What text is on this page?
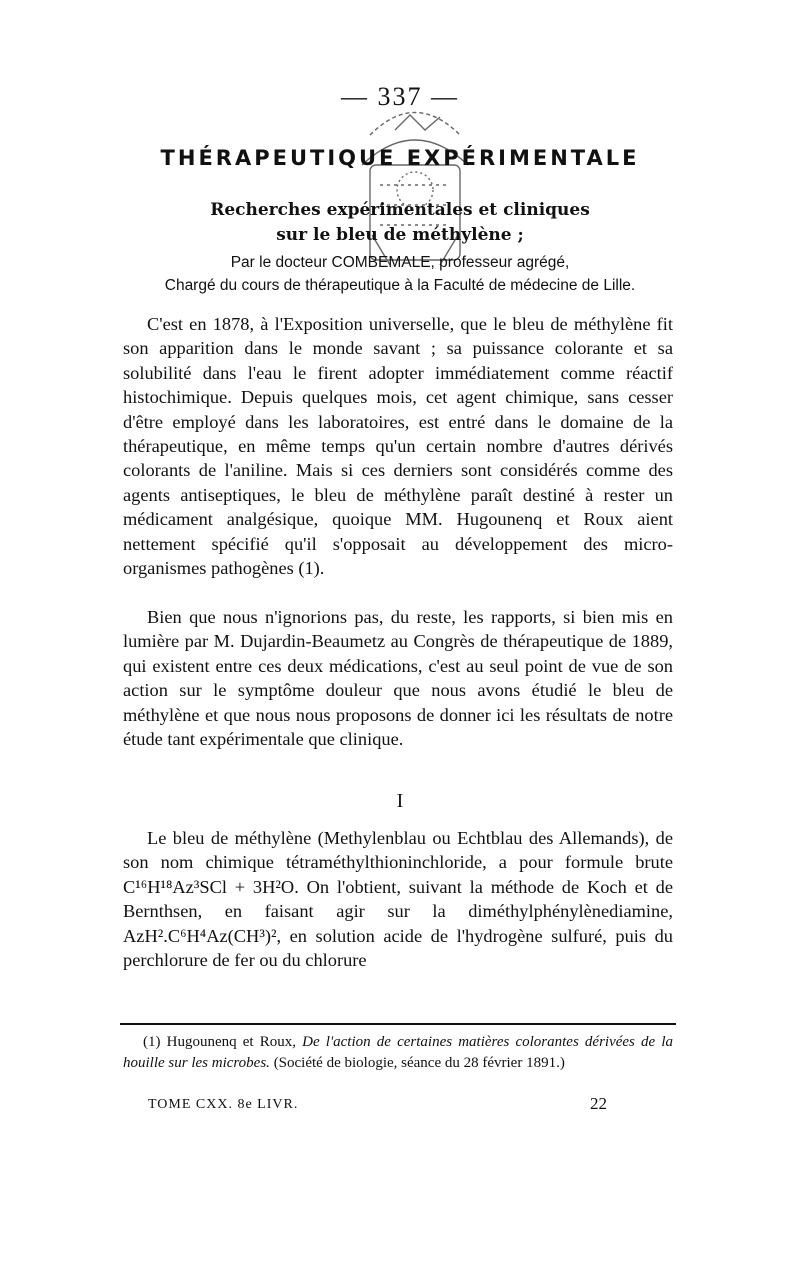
— 337 —
THÉRAPEUTIQUE EXPÉRIMENTALE
Recherches expérimentales et cliniques
sur le bleu de méthylène ;
Par le docteur COMBEMALE, professeur agrégé,
Chargé du cours de thérapeutique à la Faculté de médecine de Lille.

C'est en 1878, à l'Exposition universelle, que le bleu de méthylène fit son apparition dans le monde savant ; sa puissance colorante et sa solubilité dans l'eau le firent adopter immédiatement comme réactif histochimique. Depuis quelques mois, cet agent chimique, sans cesser d'être employé dans les laboratoires, est entré dans le domaine de la thérapeutique, en même temps qu'un certain nombre d'autres dérivés colorants de l'aniline. Mais si ces derniers sont considérés comme des agents antiseptiques, le bleu de méthylène paraît destiné à rester un médicament analgésique, quoique MM. Hugounenq et Roux aient nettement spécifié qu'il s'opposait au développement des micro-organismes pathogènes (1).

Bien que nous n'ignorions pas, du reste, les rapports, si bien mis en lumière par M. Dujardin-Beaumetz au Congrès de thérapeutique de 1889, qui existent entre ces deux médications, c'est au seul point de vue de son action sur le symptôme douleur que nous avons étudié le bleu de méthylène et que nous nous proposons de donner ici les résultats de notre étude tant expérimentale que clinique.

I

Le bleu de méthylène (Methylenblau ou Echtblau des Allemands), de son nom chimique tétraméthylthioninchloride, a pour formule brute C¹⁶H¹⁸Az³SCl + 3H²O. On l'obtient, suivant la méthode de Koch et de Bernthsen, en faisant agir sur la diméthylphénylènediamine, AzH².C⁶H⁴Az(CH³)², en solution acide de l'hydrogène sulfuré, puis du perchlorure de fer ou du chlorure

(1) Hugounenq et Roux, De l'action de certaines matières colorantes dérivées de la houille sur les microbes. (Société de biologie, séance du 28 février 1891.)

TOME CXX. 8e LIVR.	22
